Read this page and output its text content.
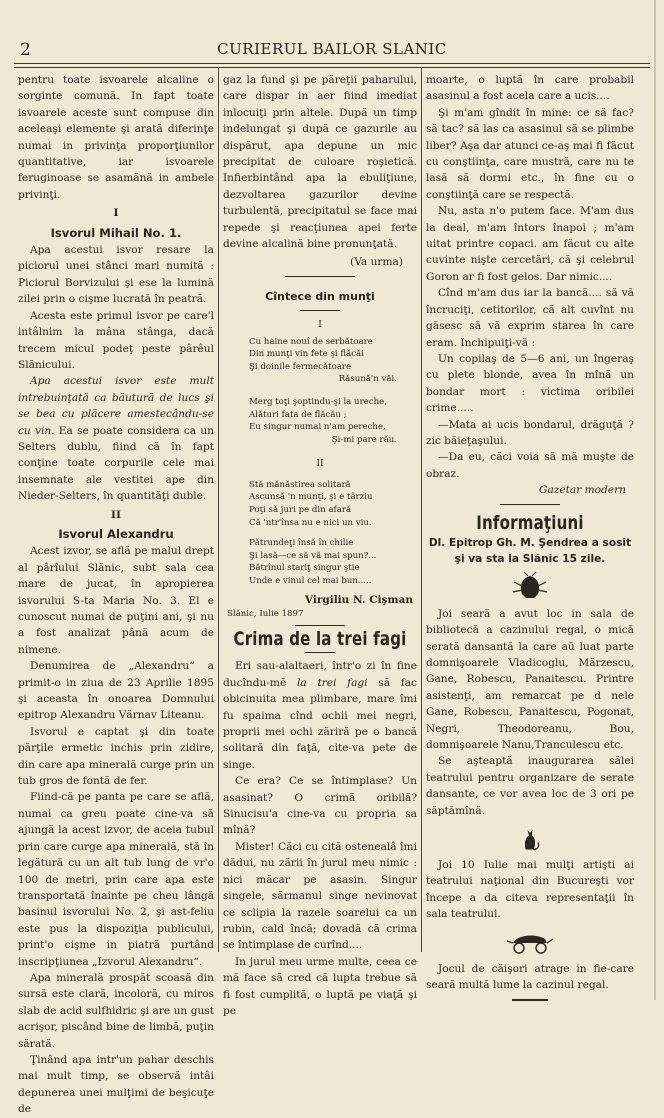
2	CURIERUL BAILOR SLANIC

pentru toate isvoarele alcaline o sorginte comună. In fapt toate isvoarele aceste sunt compuse din aceleaşi elemente şi arată diferinţe numai in privinţa proporţiunilor quantitative, iar isvoarele feruginoase se asamănă in ambele privinţi.

I
Isvorul Mihail No. 1.

Apa acestui isvor resare la piciorul unei stânci mari numită : Piciorul Borvizului şi ese la lumină zilei prin o cişme lucrată în peatră.

Acesta este primul isvor pe care'l intâlnim la mâna stânga, dacă trecem micul podeţ peste pârêul Slănicului.

Apa acestui isvor este mult intrebuinţată ca băutură de lucs şi se bea cu plăcere amestecându-se cu vin. Ea se poate considera ca un Selters dublu, fiind că în fapt conţine toate corpurile cele mai insemnate ale vestitei ape din Nieder-Selters, în quantităţi duble.

II
Isvorul Alexandru

Acest izvor, se află pe malul drept al pârîului Slănic, subt sala cea mare de jucat, în apropierea isvorului S-ta Maria No. 3. El e cunoscut numai de puţini ani, şi nu a fost analizat până acum de nimene.

Denumirea de „Alexandru“ a primit-o in ziua de 23 Aprilie 1895 şi aceasta în onoarea Domnului epitrop Alexandru Vărnav Liteanu.

Isvorul e captat şi din toate părţile ermetic inchis prin zidire, din care apa minerală curge prin un tub gros de fontă de fer.

Fiind-că pe panta pe care se află, numai ca greu poate cine-va să ajungă la acest izvor, de aceia tubul prin care curge apa minerală, stă în legătură cu un alt tub lung de vr'o 100 de metri, prin care apa este transportată înainte pe cheu lângă basinul isvorului No. 2, şi ast-feliu este pus la dispoziţia publicului, print'o cişme in piatră purtând inscripţiunea „Izvorul Alexandru“.

Apa minerală prospăt scoasă din sursă este clară, incoloră, cu miros slab de acid sulfhidric şi are un gust acrişor, piscând bine de limbă, puţin sărată.

Ţinând apa intr'un pahar deschis mai mult timp, se observă intâi depunerea unei mulţimi de beşicuţe de

gaz la fund şi pe păreţii paharului, care dispar in aer fiind imediat inlocuiţi prin altele. După un timp indelungat şi după ce gazurile au dispărut, apa depune un mic precipitat de culoare roşietică. Infierbintând apa la ebuliţiune, dezvoltarea gazurilor devine turbulentă, precipitatul se face mai repede şi reacţiunea apei ferte devine alcalină bine pronunţată.

(Va urma)

Cîntece din munţi
I

Cu haine nouî de serbătoare

Din munţi vin fete şi flăcăi

Şi doinile fermecătoare

Răsună'n văi.

Merg toţi şoptindu-şi la ureche,

Alături fata de flăcău ;

Eu singur numai n'am pereche,

Şi-mi pare rău.

II

Stă mănăstirea solitară

Ascunsă 'n munţi, şi e târziu

Poţi să juri pe din afară

Că 'ntr'însa nu e nici un viu.

Pătrundeţi însă în chilie

Şi lasă—ce să vă mai spun?...

Bătrînul stariţ singur ştie

Unde e vinul cel mai bun.....

Virgiliu N. Cişman

Slănic, Iulie 1897

Crima de la trei fagi

Eri sau-alaltaeri, într'o zi în fine ducîndu-mĕ la trei fagi să fac obicinuita mea plimbare, mare îmi fu spaima cînd ochii mei negri, proprii mei ochi zăriră pe o bancă solitară din faţă, cite-va pete de singe.

Ce era? Ce se întimplase? Un asasinat? O crimă oribilă? Sinucisu'a cine-va cu propria sa mînă?

Mister! Căci cu cită ostenealâ îmi dădui, nu zării în jurul meu nimic : nici măcar pe asasin. Singur singele, sărmanul singe nevinovat ce sclipia la razele soarelui ca un rubin, cald încă; dovadă că crima se întimplase de curînd....

In jurul meu urme multe, ceea ce mă face să cred că lupta trebue să fi fost cumplită, o luptă pe viaţă şi pe

moarte, o luptă în care probabil asasinul a fost acela care a ucis....

Şi m'am gîndit în mine: ce să fac? să tac? să las ca asasinul să se plimbe liber? Aşa dar atunci ce-aş mai fi făcut cu conştiinţa, care mustră, care nu te lasă să dormi etc., în fine cu o conştiinţă care se respectă.

Nu, asta n'o putem face. M'am dus la deal, m'am întors înapoi ; m'am uitat printre copaci. am făcut cu alte cuvinte nişte cercetări, că şi celebrul Goron ar fi fost gelos. Dar nimic....

Cînd m'am dus iar la bancă.... să vă încruciţi, cetitorilor, că alt cuvînt nu găsesc să vă exprim starea în care eram. Inchipuiţi-vă :

Un copilaş de 5—6 ani, un îngeraş cu plete blonde, avea în mînă un bondar mort : victima oribilei crime.....

—Mata ai ucis bondarul, drăguţă ? zic băieţaşului.

—Da eu, căci voia să mă muşte de obraz.

Gazetar modern

Informaţiuni

Dl. Epitrop Gh. M. Şendrea a sosit şi va sta la Slănic 15 zile.

Joi seară a avut loc in sala de bibliotecă a cazinului regal, o mică serată dansantă la care aŭ luat parte domnişoarele Vladicoglu, Mărzescu, Gane, Robescu, Panaitescu. Printre asistenţi, am remarcat pe d nele Gane, Robescu, Panaitescu, Pogonat, Negri, Theodoreanu, Bou, domnişoarele Nanu,Tranculescu etc.

Se aşteaptă inaugurarea sălei teatrului pentru organizare de serate dansante, ce vor avea loc de 3 ori pe săptămînă.

Joi 10 Iulie mai mulţi artişti ai teatrului naţional din Bucureşti vor începe a da citeva representaţii în sala teatrului.

Jocul de căişori atrage in fie-care seară multă lume la cazinul regal.
